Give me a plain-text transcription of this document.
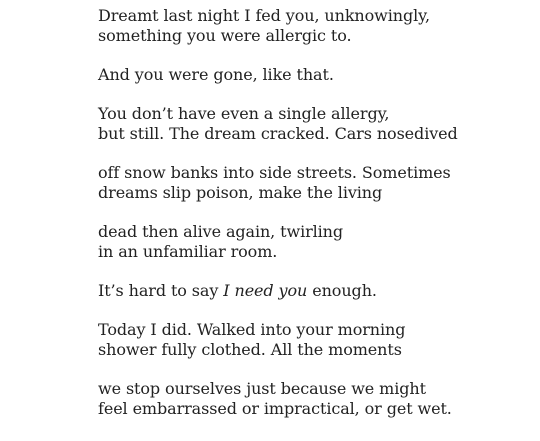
Dreamt last night I fed you, unknowingly,
something you were allergic to.
And you were gone, like that.
You don’t have even a single allergy,
but still. The dream cracked. Cars nosedived
off snow banks into side streets. Sometimes
dreams slip poison, make the living
dead then alive again, twirling
in an unfamiliar room.
It’s hard to say I need you enough.
Today I did. Walked into your morning
shower fully clothed. All the moments
we stop ourselves just because we might
feel embarrassed or impractical, or get wet.
